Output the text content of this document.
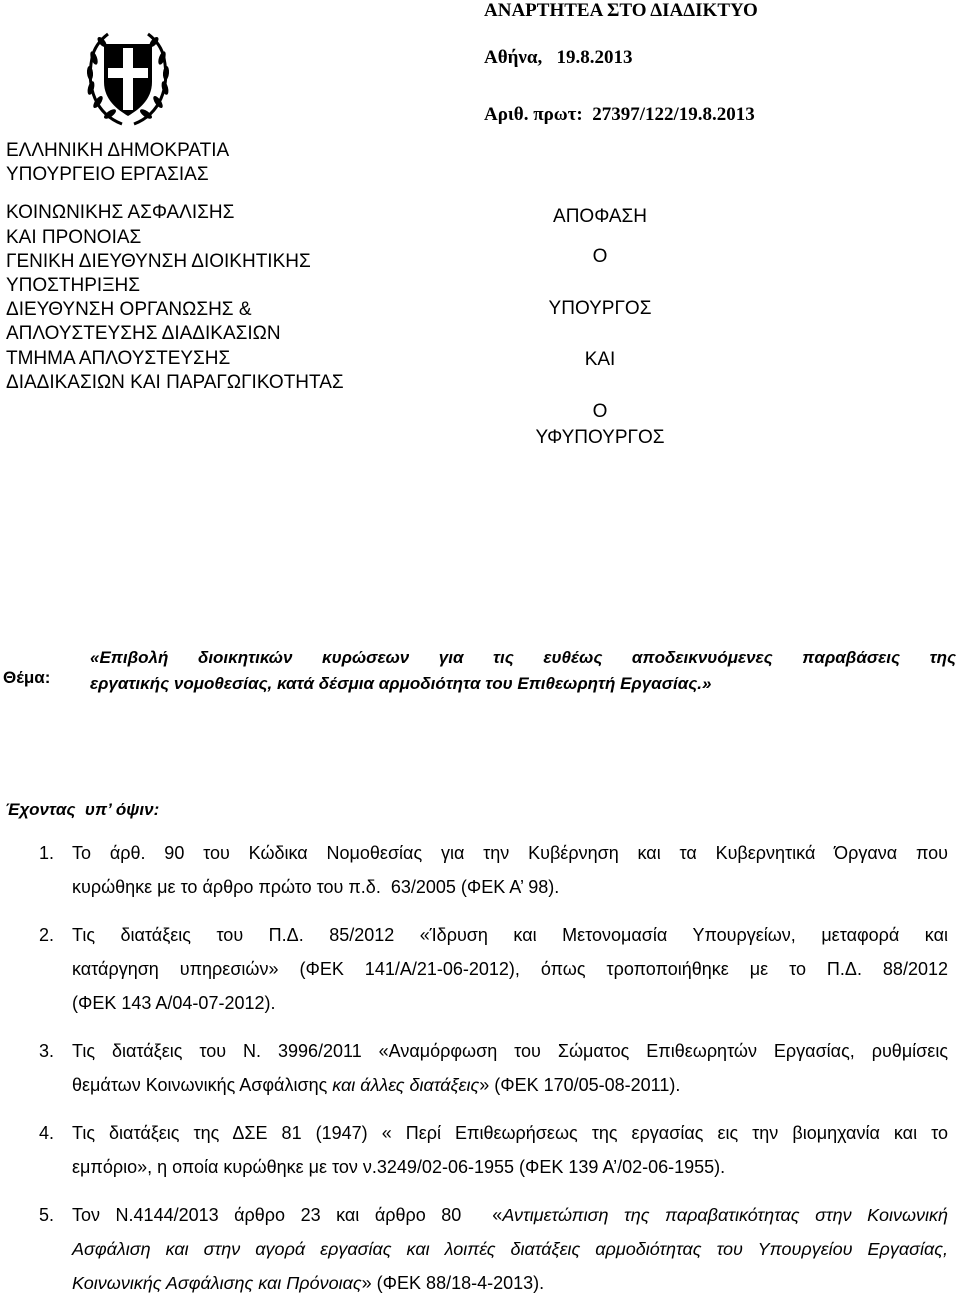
ΕΛΛΗΝΙΚΗ ΔΗΜΟΚΡΑΤΙΑ
ΥΠΟΥΡΓΕΙΟ ΕΡΓΑΣΙΑΣ
ΚΟΙΝΩΝΙΚΗΣ ΑΣΦΑΛΙΣΗΣ
ΚΑΙ ΠΡΟΝΟΙΑΣ
ΓΕΝΙΚΗ ΔΙΕΥΘΥΝΣΗ ΔΙΟΙΚΗΤΙΚΗΣ
ΥΠΟΣΤΗΡΙΞΗΣ
ΔΙΕΥΘΥΝΣΗ ΟΡΓΑΝΩΣΗΣ &
ΑΠΛΟΥΣΤΕΥΣΗΣ ΔΙΑΔΙΚΑΣΙΩΝ
ΤΜΗΜΑ ΑΠΛΟΥΣΤΕΥΣΗΣ
ΔΙΑΔΙΚΑΣΙΩΝ ΚΑΙ ΠΑΡΑΓΩΓΙΚΟΤΗΤΑΣ
ΑΝΑΡΤΗΤΕΑ ΣΤΟ ΔΙΑΔΙΚΤΥΟ
Αθήνα,   19.8.2013
Αριθ. πρωτ:  27397/122/19.8.2013
ΑΠΟΦΑΣΗ
Ο
ΥΠΟΥΡΓΟΣ
ΚΑΙ
Ο
ΥΦΥΠΟΥΡΓΟΣ
Θέμα:
«Επιβολή διοικητικών κυρώσεων για τις ευθέως αποδεικνυόμενες παραβάσεις της
εργατικής νομοθεσίας, κατά δέσμια αρμοδιότητα του Επιθεωρητή Εργασίας.»
Έχοντας  υπ’ όψιν:
1. Το άρθ. 90 του Κώδικα Νομοθεσίας για την Κυβέρνηση και τα Κυβερνητικά Όργανα που
κυρώθηκε με το άρθρο πρώτο του π.δ.  63/2005 (ΦΕΚ Α’ 98).
2. Τις διατάξεις του Π.Δ. 85/2012 «Ίδρυση και Μετονομασία Υπουργείων, μεταφορά και
κατάργηση υπηρεσιών» (ΦΕΚ 141/Α/21-06-2012), όπως τροποποιήθηκε με το Π.Δ. 88/2012
(ΦΕΚ 143 Α/04-07-2012).
3. Τις διατάξεις του Ν. 3996/2011 «Αναμόρφωση του Σώματος Επιθεωρητών Εργασίας, ρυθμίσεις
θεμάτων Κοινωνικής Ασφάλισης και άλλες διατάξεις» (ΦΕΚ 170/05-08-2011).
4. Τις διατάξεις της ΔΣΕ 81 (1947) « Περί Επιθεωρήσεως της εργασίας εις την βιομηχανία και το
εμπόριο», η οποία κυρώθηκε με τον ν.3249/02-06-1955 (ΦΕΚ 139 Α’/02-06-1955).
5. Τον Ν.4144/2013 άρθρο 23 και άρθρο 80  «Αντιμετώπιση της παραβατικότητας στην Κοινωνική
Ασφάλιση και στην αγορά εργασίας και λοιπές διατάξεις αρμοδιότητας του Υπουργείου Εργασίας,
Κοινωνικής Ασφάλισης και Πρόνοιας» (ΦΕΚ 88/18-4-2013).
